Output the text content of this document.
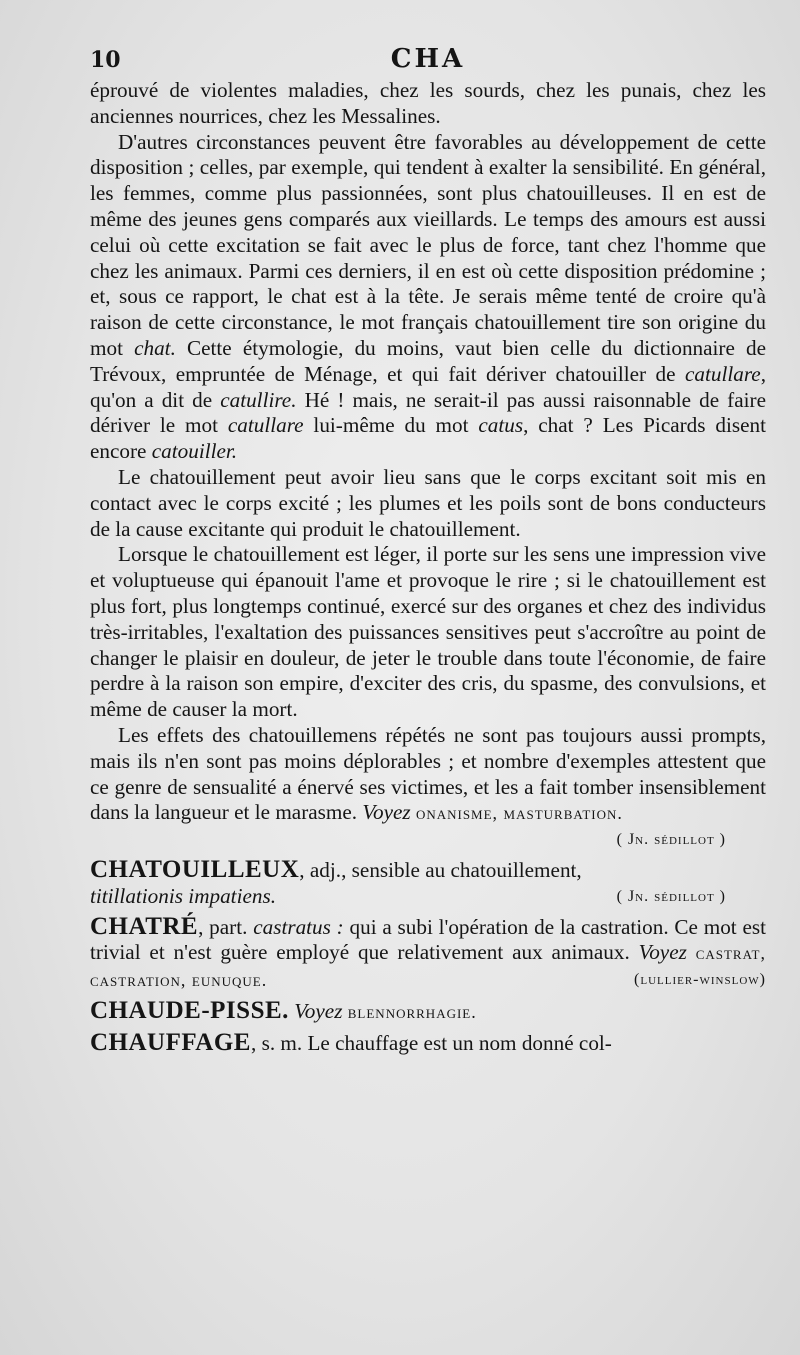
10	CHA

éprouvé de violentes maladies, chez les sourds, chez les punais, chez les anciennes nourrices, chez les Messalines.

D'autres circonstances peuvent être favorables au développement de cette disposition ; celles, par exemple, qui tendent à exalter la sensibilité. En général, les femmes, comme plus passionnées, sont plus chatouilleuses. Il en est de même des jeunes gens comparés aux vieillards. Le temps des amours est aussi celui où cette excitation se fait avec le plus de force, tant chez l'homme que chez les animaux. Parmi ces derniers, il en est où cette disposition prédomine ; et, sous ce rapport, le chat est à la tête. Je serais même tenté de croire qu'à raison de cette circonstance, le mot français chatouillement tire son origine du mot chat. Cette étymologie, du moins, vaut bien celle du dictionnaire de Trévoux, empruntée de Ménage, et qui fait dériver chatouiller de catullare, qu'on a dit de catullire. Hé ! mais, ne serait-il pas aussi raisonnable de faire dériver le mot catullare lui-même du mot catus, chat ? Les Picards disent encore catouiller.

Le chatouillement peut avoir lieu sans que le corps excitant soit mis en contact avec le corps excité ; les plumes et les poils sont de bons conducteurs de la cause excitante qui produit le chatouillement.

Lorsque le chatouillement est léger, il porte sur les sens une impression vive et voluptueuse qui épanouit l'ame et provoque le rire ; si le chatouillement est plus fort, plus longtemps continué, exercé sur des organes et chez des individus très-irritables, l'exaltation des puissances sensitives peut s'accroître au point de changer le plaisir en douleur, de jeter le trouble dans toute l'économie, de faire perdre à la raison son empire, d'exciter des cris, du spasme, des convulsions, et même de causer la mort.

Les effets des chatouillemens répétés ne sont pas toujours aussi prompts, mais ils n'en sont pas moins déplorables ; et nombre d'exemples attestent que ce genre de sensualité a énervé ses victimes, et les a fait tomber insensiblement dans la langueur et le marasme. Voyez onanisme, masturbation.

( Jn. sédillot )

CHATOUILLEUX, adj., sensible au chatouillement,
titillationis impatiens.	( Jn. sédillot )

CHATRÉ, part. castratus : qui a subi l'opération de la castration. Ce mot est trivial et n'est guère employé que relativement aux animaux. Voyez castrat, castration, eunuque.	(lullier-winslow)

CHAUDE-PISSE. Voyez blennorrhagie.

CHAUFFAGE, s. m. Le chauffage est un nom donné col-
